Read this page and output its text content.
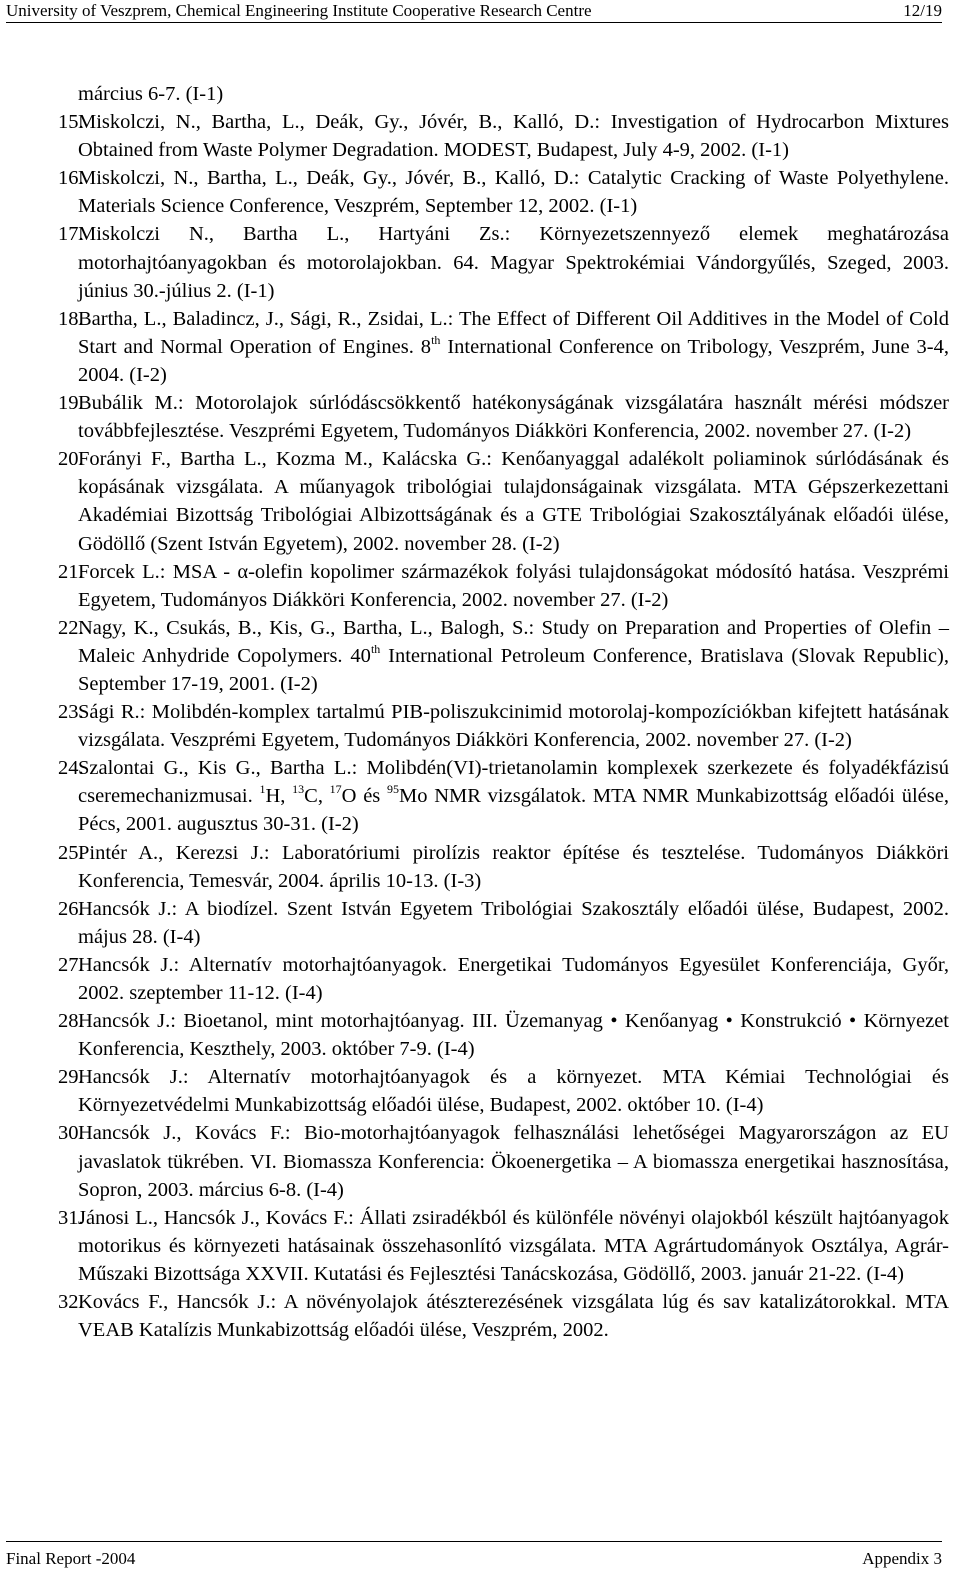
University of Veszprem, Chemical Engineering Institute Cooperative Research Centre	12/19
március 6-7. (I-1)
15.
Miskolczi, N., Bartha, L., Deák, Gy., Jóvér, B., Kalló, D.: Investigation of Hydrocarbon Mixtures Obtained from Waste Polymer Degradation. MODEST, Budapest, July 4-9, 2002. (I-1)
16.
Miskolczi, N., Bartha, L., Deák, Gy., Jóvér, B., Kalló, D.: Catalytic Cracking of Waste Polyethylene. Materials Science Conference, Veszprém, September 12, 2002. (I-1)
17.
Miskolczi N., Bartha L., Hartyáni Zs.: Környezetszennyező elemek meghatározása motorhajtóanyagokban és motorolajokban. 64. Magyar Spektrokémiai Vándorgyűlés, Szeged, 2003. június 30.-július 2. (I-1)
18.
Bartha, L., Baladincz, J., Sági, R., Zsidai, L.: The Effect of Different Oil Additives in the Model of Cold Start and Normal Operation of Engines. 8th International Conference on Tribology, Veszprém, June 3-4, 2004. (I-2)
19.
Bubálik M.: Motorolajok súrlódáscsökkentő hatékonyságának vizsgálatára használt mérési módszer továbbfejlesztése. Veszprémi Egyetem, Tudományos Diákköri Konferencia, 2002. november 27. (I-2)
20.
Forányi F., Bartha L., Kozma M., Kalácska G.: Kenőanyaggal adalékolt poliaminok súrlódásának és kopásának vizsgálata. A műanyagok tribológiai tulajdonságainak vizsgálata. MTA Gépszerkezettani Akadémiai Bizottság Tribológiai Albizottságának és a GTE Tribológiai Szakosztályának előadói ülése, Gödöllő (Szent István Egyetem), 2002. november 28. (I-2)
21.
Forcek L.: MSA - α-olefin kopolimer származékok folyási tulajdonságokat módosító hatása. Veszprémi Egyetem, Tudományos Diákköri Konferencia, 2002. november 27. (I-2)
22.
Nagy, K., Csukás, B., Kis, G., Bartha, L., Balogh, S.: Study on Preparation and Properties of Olefin – Maleic Anhydride Copolymers. 40th International Petroleum Conference, Bratislava (Slovak Republic), September 17-19, 2001. (I-2)
23.
Sági R.: Molibdén-komplex tartalmú PIB-poliszukcinimid motorolaj-kompozíciókban kifejtett hatásának vizsgálata. Veszprémi Egyetem, Tudományos Diákköri Konferencia, 2002. november 27. (I-2)
24.
Szalontai G., Kis G., Bartha L.: Molibdén(VI)-trietanolamin komplexek szerkezete és folyadékfázisú cseremechanizmusai. $^1$H, $^{13}$C, $^{17}$O és $^{95}$Mo NMR vizsgálatok. MTA NMR Munkabizottság előadói ülése, Pécs, 2001. augusztus 30-31. (I-2)
25.
Pintér A., Kerezsi J.: Laboratóriumi pirolízis reaktor építése és tesztelése. Tudományos Diákköri Konferencia, Temesvár, 2004. április 10-13. (I-3)
26.
Hancsók J.: A biodízel. Szent István Egyetem Tribológiai Szakosztály előadói ülése, Budapest, 2002. május 28. (I-4)
27.
Hancsók J.: Alternatív motorhajtóanyagok. Energetikai Tudományos Egyesület Konferenciája, Győr, 2002. szeptember 11-12. (I-4)
28.
Hancsók J.: Bioetanol, mint motorhajtóanyag. III. Üzemanyag • Kenőanyag • Konstrukció • Környezet Konferencia, Keszthely, 2003. október 7-9. (I-4)
29.
Hancsók J.: Alternatív motorhajtóanyagok és a környezet. MTA Kémiai Technológiai és Környezetvédelmi Munkabizottság előadói ülése, Budapest, 2002. október 10. (I-4)
30.
Hancsók J., Kovács F.: Bio-motorhajtóanyagok felhasználási lehetőségei Magyarországon az EU javaslatok tükrében. VI. Biomassza Konferencia: Ökoenergetika – A biomassza energetikai hasznosítása, Sopron, 2003. március 6-8. (I-4)
31.
Jánosi L., Hancsók J., Kovács F.: Állati zsiradékból és különféle növényi olajokból készült hajtóanyagok motorikus és környezeti hatásainak összehasonlító vizsgálata. MTA Agrártudományok Osztálya, Agrár-Műszaki Bizottsága XXVII. Kutatási és Fejlesztési Tanácskozása, Gödöllő, 2003. január 21-22. (I-4)
32.
Kovács F., Hancsók J.: A növényolajok átészterezésének vizsgálata lúg és sav katalizátorokkal. MTA VEAB Katalízis Munkabizottság előadói ülése, Veszprém, 2002.
Final Report -2004	Appendix 3
